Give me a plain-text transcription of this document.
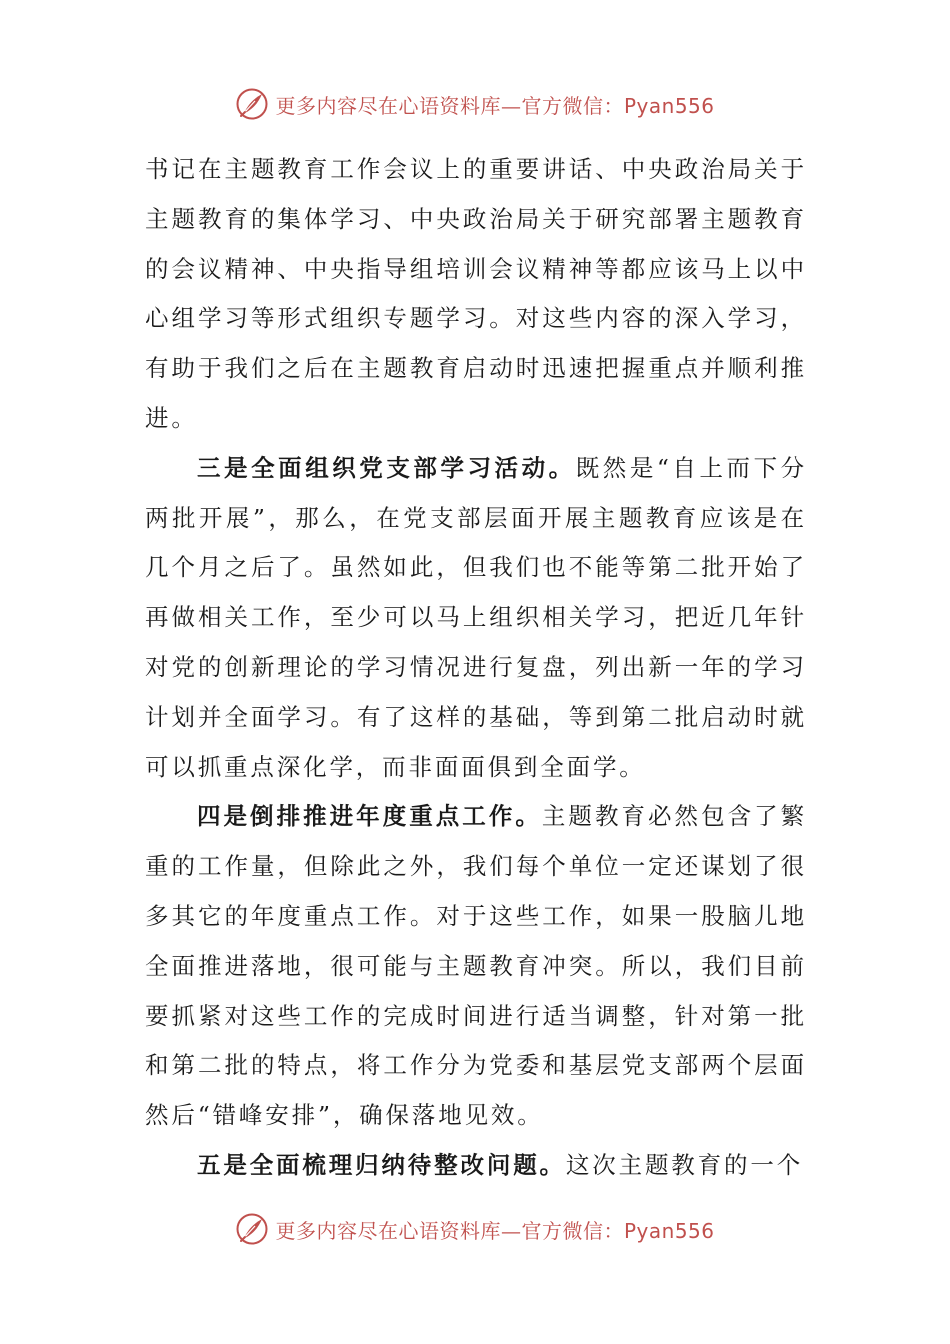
更多内容尽在心语资料库—官方微信：Pyan556

书记在主题教育工作会议上的重要讲话、中央政治局关于主题教育的集体学习、中央政治局关于研究部署主题教育的会议精神、中央指导组培训会议精神等都应该马上以中心组学习等形式组织专题学习。对这些内容的深入学习，有助于我们之后在主题教育启动时迅速把握重点并顺利推进。

三是全面组织党支部学习活动。既然是“自上而下分两批开展”，那么，在党支部层面开展主题教育应该是在几个月之后了。虽然如此，但我们也不能等第二批开始了再做相关工作，至少可以马上组织相关学习，把近几年针对党的创新理论的学习情况进行复盘，列出新一年的学习计划并全面学习。有了这样的基础，等到第二批启动时就可以抓重点深化学，而非面面俱到全面学。

四是倒排推进年度重点工作。主题教育必然包含了繁重的工作量，但除此之外，我们每个单位一定还谋划了很多其它的年度重点工作。对于这些工作，如果一股脑儿地全面推进落地，很可能与主题教育冲突。所以，我们目前要抓紧对这些工作的完成时间进行适当调整，针对第一批和第二批的特点，将工作分为党委和基层党支部两个层面然后“错峰安排”，确保落地见效。

五是全面梳理归纳待整改问题。这次主题教育的一个

更多内容尽在心语资料库—官方微信：Pyan556
